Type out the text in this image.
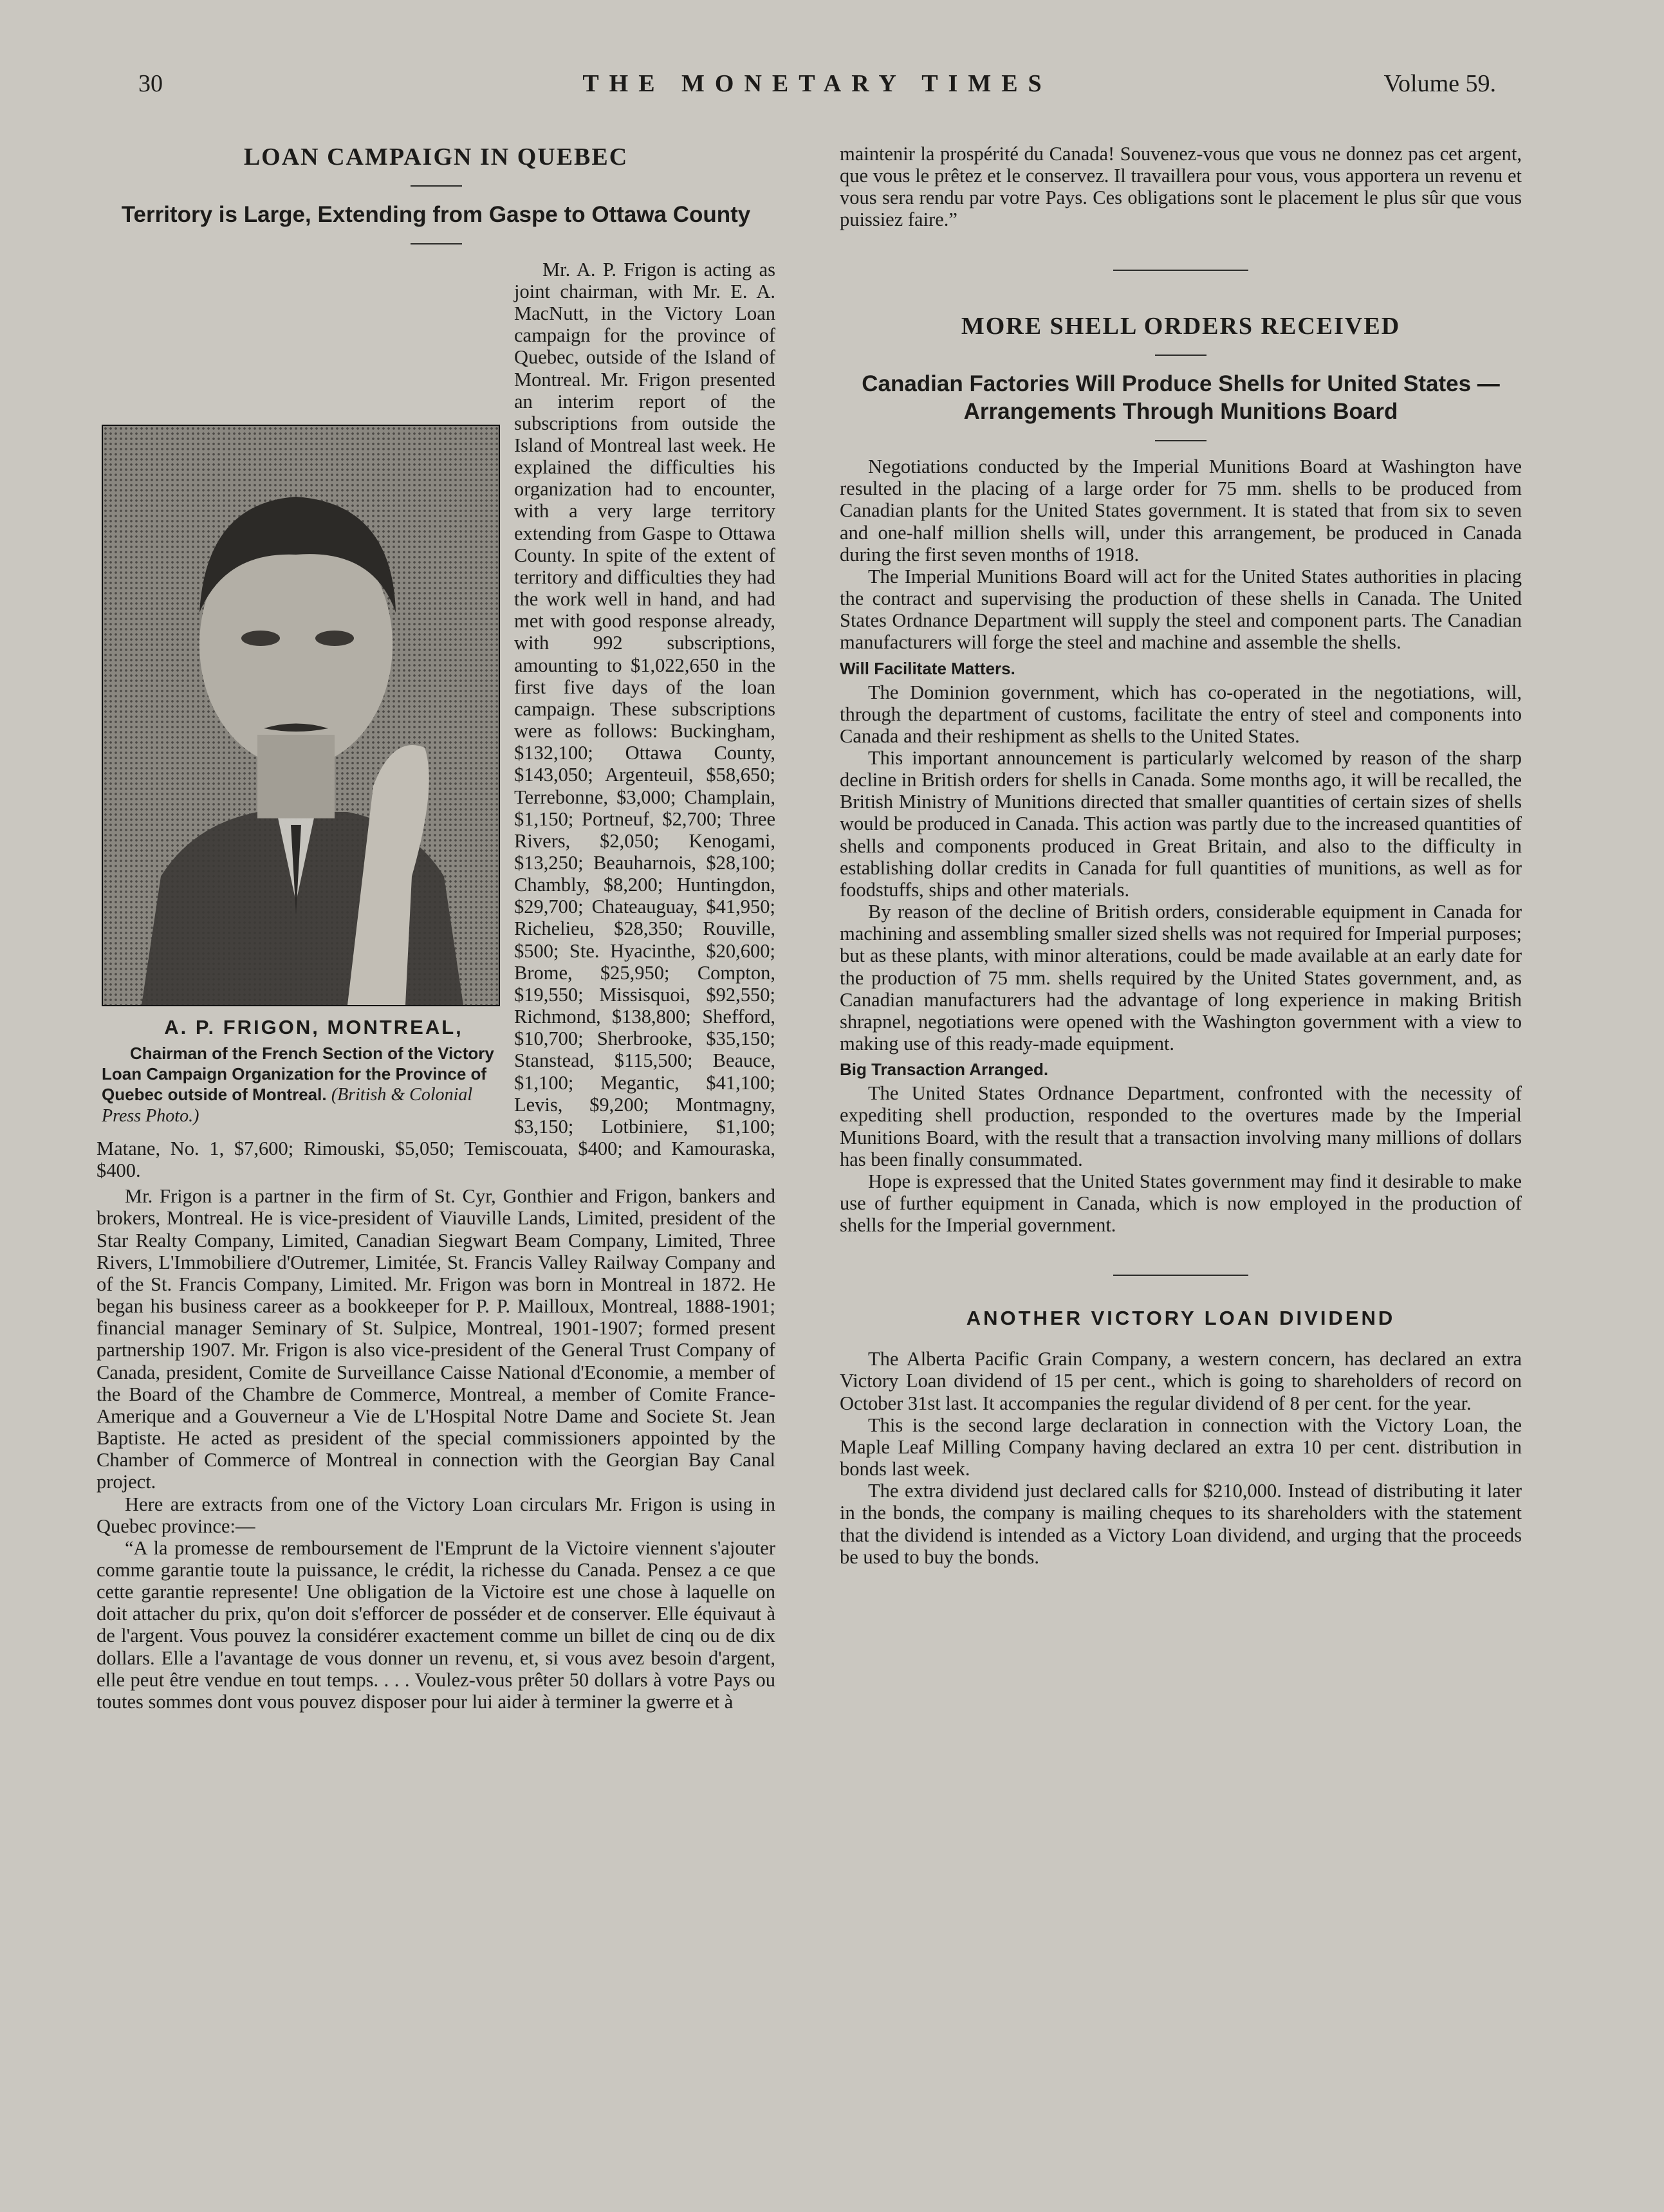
30	THE MONETARY TIMES	Volume 59.
LOAN CAMPAIGN IN QUEBEC
Territory is Large, Extending from Gaspe to Ottawa County

A. P. FRIGON, MONTREAL,
Chairman of the French Section of the Victory Loan Campaign Organization for the Province of Quebec outside of Montreal. (British & Colonial Press Photo.)
Mr. A. P. Frigon is acting as joint chairman, with Mr. E. A. MacNutt, in the Victory Loan campaign for the province of Quebec, outside of the Island of Montreal. Mr. Frigon presented an interim report of the subscriptions from outside the Island of Montreal last week. He explained the difficulties his organization had to encounter, with a very large territory extending from Gaspe to Ottawa County. In spite of the extent of territory and difficulties they had the work well in hand, and had met with good response already, with 992 subscriptions, amounting to $1,022,650 in the first five days of the loan campaign. These subscriptions were as follows: Buckingham, $132,100; Ottawa County, $143,050; Argenteuil, $58,650; Terrebonne, $3,000; Champlain, $1,150; Portneuf, $2,700; Three Rivers, $2,050; Kenogami, $13,250; Beauharnois, $28,100; Chambly, $8,200; Huntingdon, $29,700; Chateauguay, $41,950; Richelieu, $28,350; Rouville, $500; Ste. Hyacinthe, $20,600; Brome, $25,950; Compton, $19,550; Missisquoi, $92,550; Richmond, $138,800; Shefford, $10,700; Sherbrooke, $35,150; Stanstead, $115,500; Beauce, $1,100; Megantic, $41,100; Levis, $9,200; Montmagny, $3,150; Lotbiniere, $1,100; Matane, No. 1, $7,600; Rimouski, $5,050; Temiscouata, $400; and Kamouraska, $400.

Mr. Frigon is a partner in the firm of St. Cyr, Gonthier and Frigon, bankers and brokers, Montreal. He is vice-president of Viauville Lands, Limited, president of the Star Realty Company, Limited, Canadian Siegwart Beam Company, Limited, Three Rivers, L'Immobiliere d'Outremer, Limitée, St. Francis Valley Railway Company and of the St. Francis Company, Limited. Mr. Frigon was born in Montreal in 1872. He began his business career as a bookkeeper for P. P. Mailloux, Montreal, 1888-1901; financial manager Seminary of St. Sulpice, Montreal, 1901-1907; formed present partnership 1907. Mr. Frigon is also vice-president of the General Trust Company of Canada, president, Comite de Surveillance Caisse National d'Economie, a member of the Board of the Chambre de Commerce, Montreal, a member of Comite France-Amerique and a Gouverneur a Vie de L'Hospital Notre Dame and Societe St. Jean Baptiste. He acted as president of the special commissioners appointed by the Chamber of Commerce of Montreal in connection with the Georgian Bay Canal project.

Here are extracts from one of the Victory Loan circulars Mr. Frigon is using in Quebec province:—

“A la promesse de remboursement de l'Emprunt de la Victoire viennent s'ajouter comme garantie toute la puissance, le crédit, la richesse du Canada. Pensez a ce que cette garantie represente! Une obligation de la Victoire est une chose à laquelle on doit attacher du prix, qu'on doit s'efforcer de posséder et de conserver. Elle équivaut à de l'argent. Vous pouvez la considérer exactement comme un billet de cinq ou de dix dollars. Elle a l'avantage de vous donner un revenu, et, si vous avez besoin d'argent, elle peut être vendue en tout temps. . . . Voulez-vous prêter 50 dollars à votre Pays ou toutes sommes dont vous pouvez disposer pour lui aider à terminer la gwerre et à

maintenir la prospérité du Canada! Souvenez-vous que vous ne donnez pas cet argent, que vous le prêtez et le conservez. Il travaillera pour vous, vous apportera un revenu et vous sera rendu par votre Pays. Ces obligations sont le placement le plus sûr que vous puissiez faire.”

MORE SHELL ORDERS RECEIVED
Canadian Factories Will Produce Shells for United States —Arrangements Through Munitions Board

Negotiations conducted by the Imperial Munitions Board at Washington have resulted in the placing of a large order for 75 mm. shells to be produced from Canadian plants for the United States government. It is stated that from six to seven and one-half million shells will, under this arrangement, be produced in Canada during the first seven months of 1918.

The Imperial Munitions Board will act for the United States authorities in placing the contract and supervising the production of these shells in Canada. The United States Ordnance Department will supply the steel and component parts. The Canadian manufacturers will forge the steel and machine and assemble the shells.

Will Facilitate Matters.

The Dominion government, which has co-operated in the negotiations, will, through the department of customs, facilitate the entry of steel and components into Canada and their reshipment as shells to the United States.

This important announcement is particularly welcomed by reason of the sharp decline in British orders for shells in Canada. Some months ago, it will be recalled, the British Ministry of Munitions directed that smaller quantities of certain sizes of shells would be produced in Canada. This action was partly due to the increased quantities of shells and components produced in Great Britain, and also to the difficulty in establishing dollar credits in Canada for full quantities of munitions, as well as for foodstuffs, ships and other materials.

By reason of the decline of British orders, considerable equipment in Canada for machining and assembling smaller sized shells was not required for Imperial purposes; but as these plants, with minor alterations, could be made available at an early date for the production of 75 mm. shells required by the United States government, and, as Canadian manufacturers had the advantage of long experience in making British shrapnel, negotiations were opened with the Washington government with a view to making use of this ready-made equipment.

Big Transaction Arranged.

The United States Ordnance Department, confronted with the necessity of expediting shell production, responded to the overtures made by the Imperial Munitions Board, with the result that a transaction involving many millions of dollars has been finally consummated.

Hope is expressed that the United States government may find it desirable to make use of further equipment in Canada, which is now employed in the production of shells for the Imperial government.

ANOTHER VICTORY LOAN DIVIDEND

The Alberta Pacific Grain Company, a western concern, has declared an extra Victory Loan dividend of 15 per cent., which is going to shareholders of record on October 31st last. It accompanies the regular dividend of 8 per cent. for the year.

This is the second large declaration in connection with the Victory Loan, the Maple Leaf Milling Company having declared an extra 10 per cent. distribution in bonds last week.

The extra dividend just declared calls for $210,000. Instead of distributing it later in the bonds, the company is mailing cheques to its shareholders with the statement that the dividend is intended as a Victory Loan dividend, and urging that the proceeds be used to buy the bonds.
